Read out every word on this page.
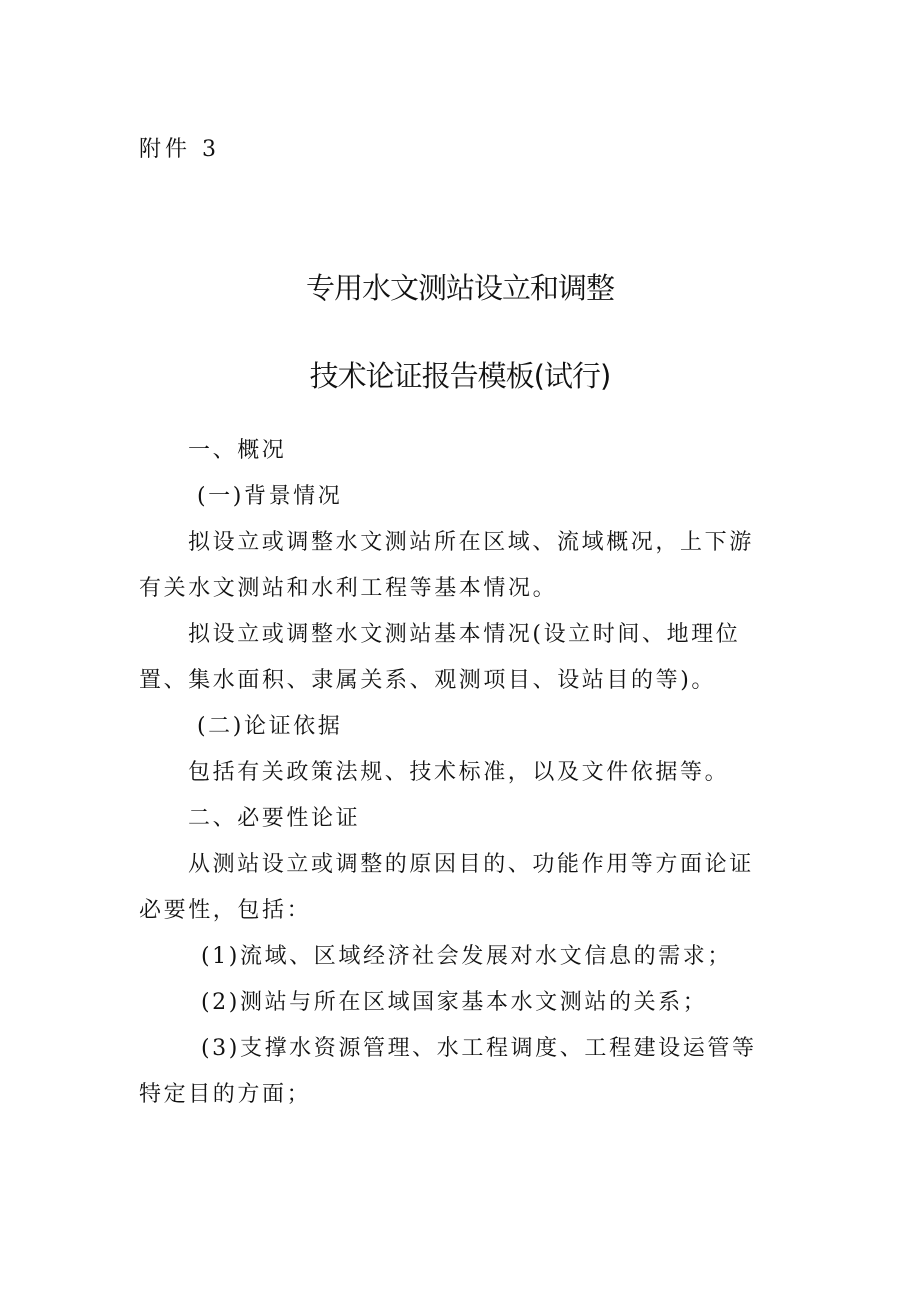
附件 3
专用水文测站设立和调整
技术论证报告模板(试行)

一、概况

(一)背景情况

拟设立或调整水文测站所在区域、流域概况，上下游有关水文测站和水利工程等基本情况。

拟设立或调整水文测站基本情况(设立时间、地理位置、集水面积、隶属关系、观测项目、设站目的等)。

(二)论证依据

包括有关政策法规、技术标准，以及文件依据等。

二、必要性论证

从测站设立或调整的原因目的、功能作用等方面论证必要性，包括：

(1)流域、区域经济社会发展对水文信息的需求；

(2)测站与所在区域国家基本水文测站的关系；

(3)支撑水资源管理、水工程调度、工程建设运管等特定目的方面；
